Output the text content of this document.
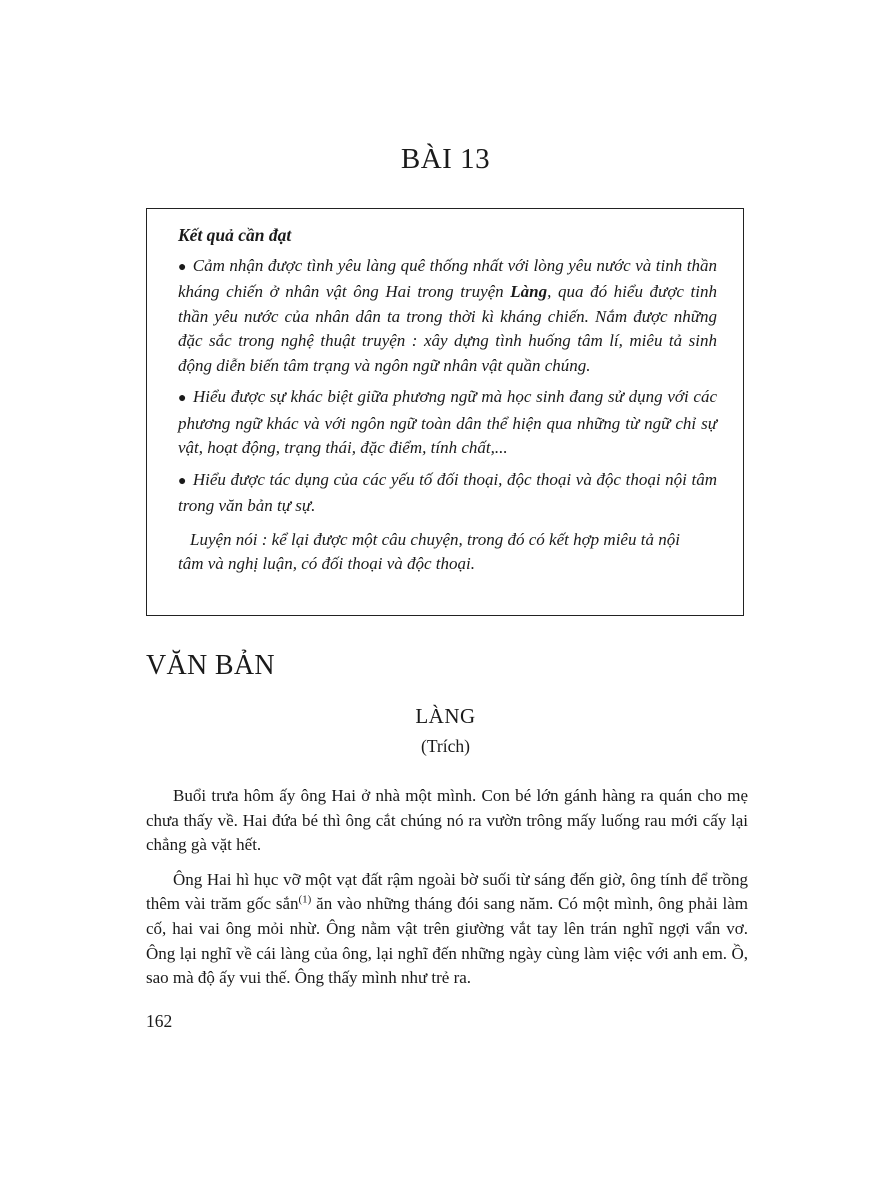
BÀI 13

Kết quả cần đạt

● Cảm nhận được tình yêu làng quê thống nhất với lòng yêu nước và tinh thần kháng chiến ở nhân vật ông Hai trong truyện Làng, qua đó hiểu được tinh thần yêu nước của nhân dân ta trong thời kì kháng chiến. Nắm được những đặc sắc trong nghệ thuật truyện : xây dựng tình huống tâm lí, miêu tả sinh động diễn biến tâm trạng và ngôn ngữ nhân vật quần chúng.

● Hiểu được sự khác biệt giữa phương ngữ mà học sinh đang sử dụng với các phương ngữ khác và với ngôn ngữ toàn dân thể hiện qua những từ ngữ chỉ sự vật, hoạt động, trạng thái, đặc điểm, tính chất,...

● Hiểu được tác dụng của các yếu tố đối thoại, độc thoại và độc thoại nội tâm trong văn bản tự sự.

Luyện nói : kể lại được một câu chuyện, trong đó có kết hợp miêu tả nội
tâm và nghị luận, có đối thoại và độc thoại.

VĂN BẢN
LÀNG
(Trích)

Buổi trưa hôm ấy ông Hai ở nhà một mình. Con bé lớn gánh hàng ra quán cho mẹ chưa thấy về. Hai đứa bé thì ông cắt chúng nó ra vườn trông mấy luống rau mới cấy lại chẳng gà vặt hết.

Ông Hai hì hục vỡ một vạt đất rậm ngoài bờ suối từ sáng đến giờ, ông tính để trồng thêm vài trăm gốc sắn$^{(1)}$ ăn vào những tháng đói sang năm. Có một mình, ông phải làm cố, hai vai ông mỏi nhừ. Ông nằm vật trên giường vắt tay lên trán nghĩ ngợi vẩn vơ. Ông lại nghĩ về cái làng của ông, lại nghĩ đến những ngày cùng làm việc với anh em. Ồ, sao mà độ ấy vui thế. Ông thấy mình như trẻ ra.

162
